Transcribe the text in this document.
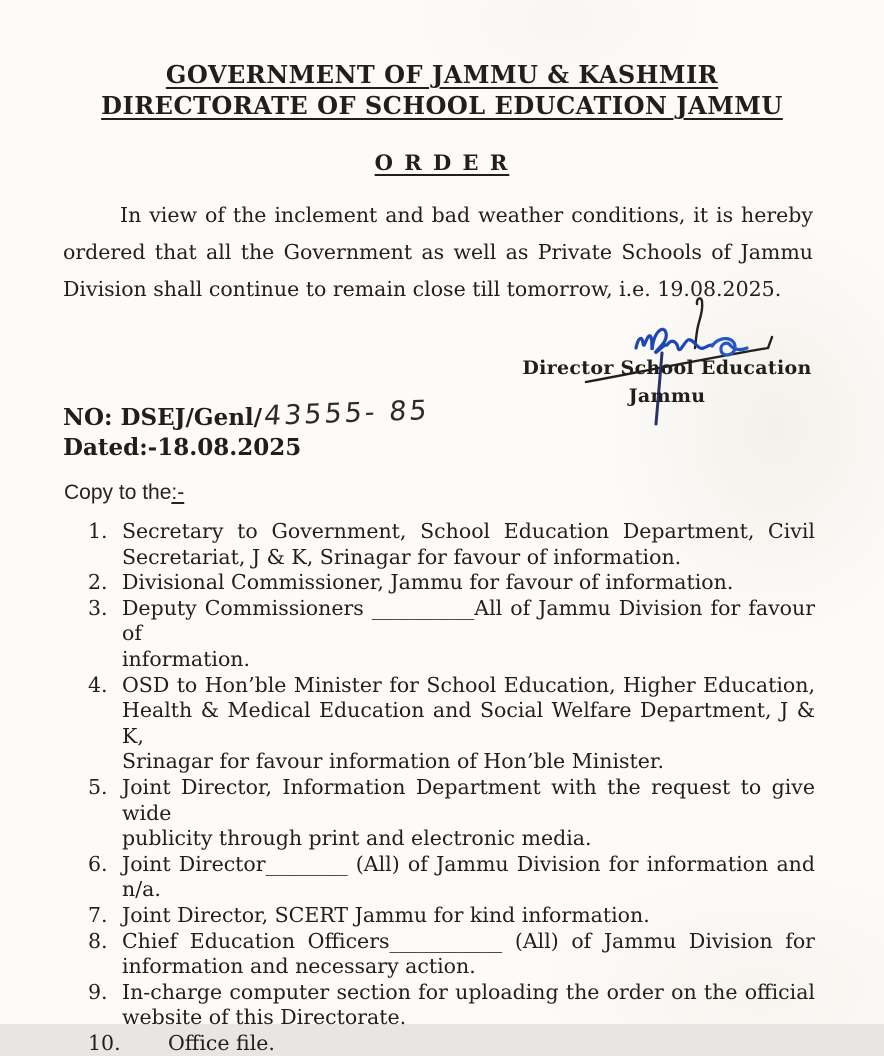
GOVERNMENT OF JAMMU & KASHMIR
DIRECTORATE OF SCHOOL EDUCATION JAMMU
O R D E R
In view of the inclement and bad weather conditions, it is hereby
ordered that all the Government as well as Private Schools of Jammu
Division shall continue to remain close till tomorrow, i.e. 19.08.2025.
Director School Education
Jammu
NO: DSEJ/Genl/43555- 85
Dated:-18.08.2025
Copy to the:-
1. Secretary to Government, School Education Department, Civil
Secretariat, J & K, Srinagar for favour of information.
2. Divisional Commissioner, Jammu for favour of information.
3. Deputy Commissioners __________All of Jammu Division for favour of
information.
4. OSD to Hon’ble Minister for School Education, Higher Education,
Health & Medical Education and Social Welfare Department, J & K,
Srinagar for favour information of Hon’ble Minister.
5. Joint Director, Information Department with the request to give wide
publicity through print and electronic media.
6. Joint Director________ (All) of Jammu Division for information and
n/a.
7. Joint Director, SCERT Jammu for kind information.
8. Chief Education Officers___________ (All) of Jammu Division for
information and necessary action.
9. In-charge computer section for uploading the order on the official
website of this Directorate.
10.	Office file.
